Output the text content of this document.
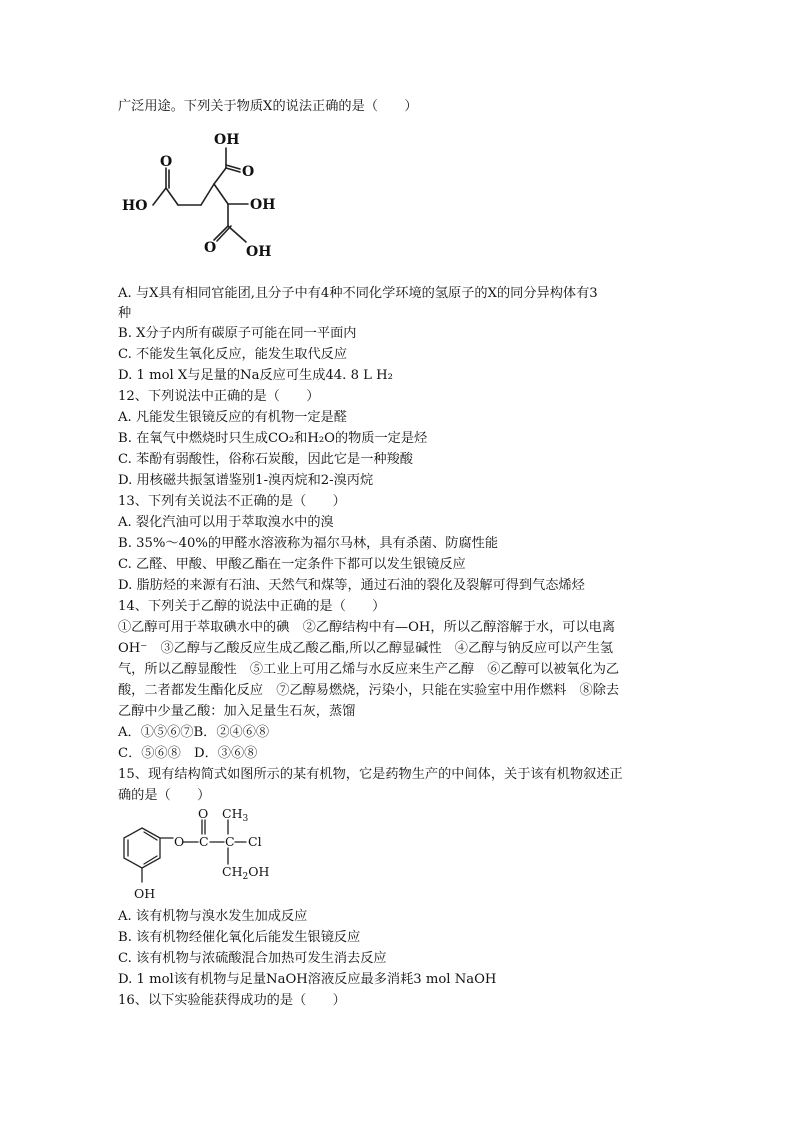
广泛用途。下列关于物质X的说法正确的是（　　）
OH
O
O
HO	OH
O OH
A. 与X具有相同官能团,且分子中有4种不同化学环境的氢原子的X的同分异构体有3
种
B. X分子内所有碳原子可能在同一平面内
C. 不能发生氧化反应，能发生取代反应
D. 1 mol X与足量的Na反应可生成44. 8 L H₂
12、下列说法中正确的是（　　）
A. 凡能发生银镜反应的有机物一定是醛
B. 在氧气中燃烧时只生成CO₂和H₂O的物质一定是烃
C. 苯酚有弱酸性，俗称石炭酸，因此它是一种羧酸
D. 用核磁共振氢谱鉴别1-溴丙烷和2-溴丙烷
13、下列有关说法不正确的是（　　）
A. 裂化汽油可以用于萃取溴水中的溴
B. 35%～40%的甲醛水溶液称为福尔马林，具有杀菌、防腐性能
C. 乙醛、甲酸、甲酸乙酯在一定条件下都可以发生银镜反应
D. 脂肪烃的来源有石油、天然气和煤等，通过石油的裂化及裂解可得到气态烯烃
14、下列关于乙醇的说法中正确的是（　　）
①乙醇可用于萃取碘水中的碘　②乙醇结构中有—OH，所以乙醇溶解于水，可以电离
OH⁻　③乙醇与乙酸反应生成乙酸乙酯,所以乙醇显碱性　④乙醇与钠反应可以产生氢
气，所以乙醇显酸性　⑤工业上可用乙烯与水反应来生产乙醇　⑥乙醇可以被氧化为乙
酸，二者都发生酯化反应　⑦乙醇易燃烧，污染小，只能在实验室中用作燃料　⑧除去
乙醇中少量乙酸：加入足量生石灰，蒸馏
A．①⑤⑥⑦B．②④⑥⑧
C．⑤⑥⑧　D．③⑥⑧
15、现有结构简式如图所示的某有机物，它是药物生产的中间体，关于该有机物叙述正
确的是（　　）
O $CH_3$
O C C Cl
$CH_2OH$
OH
A. 该有机物与溴水发生加成反应
B. 该有机物经催化氧化后能发生银镜反应
C. 该有机物与浓硫酸混合加热可发生消去反应
D. 1 mol该有机物与足量NaOH溶液反应最多消耗3 mol NaOH
16、以下实验能获得成功的是（　　）
